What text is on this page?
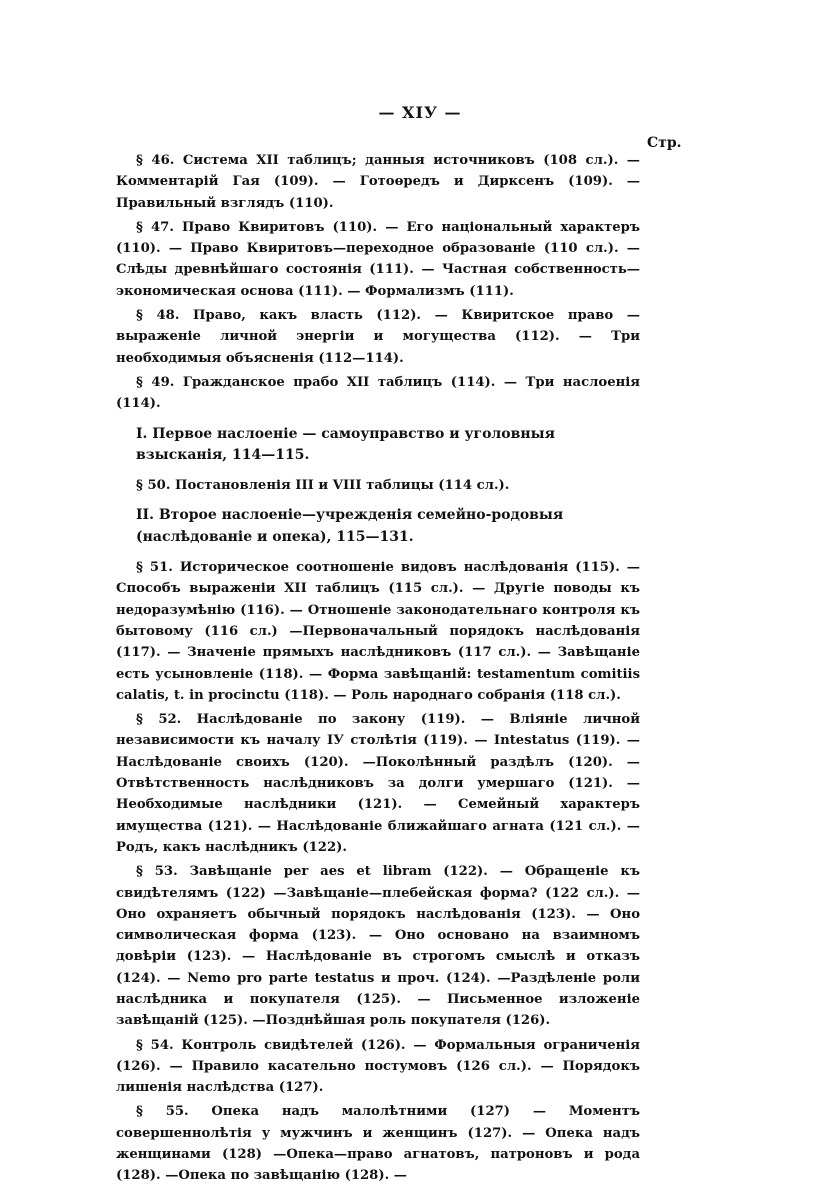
— XIУ —
Стр.

§ 46. Система XII таблицъ; данныя источниковъ (108 сл.). — Комментарій Гая (109). — Готоөредъ и Дирксенъ (109). — Правильный взглядъ (110).

§ 47. Право Квиритовъ (110). — Его національный характеръ (110). — Право Квиритовъ—переходное образованіе (110 сл.). — Слѣды древнѣйшаго состоянія (111). — Частная собственность—экономическая основа (111). — Формализмъ (111).

§ 48. Право, какъ власть (112). — Квиритское право — выраженіе личной энергіи и могущества (112). — Три необходимыя объясненія (112—114).

§ 49. Гражданское прабо XII таблицъ (114). — Три наслоенія (114).

I. Первое наслоеніе — самоуправство и уголовныя взысканія, 114—115.

§ 50. Постановленія III и VIII таблицы (114 сл.).

II. Второе наслоеніе—учрежденія семейно-родовыя (наслѣдованіе и опека), 115—131.

§ 51. Историческое соотношеніе видовъ наслѣдованія (115). — Способъ выраженіи XII таблицъ (115 сл.). — Другіе поводы къ недоразумѣнію (116). — Отношеніе законодательнаго контроля къ бытовому (116 сл.) —Первоначальный порядокъ наслѣдованія (117). — Значеніе прямыхъ наслѣдниковъ (117 сл.). — Завѣщаніе есть усыновленіе (118). — Форма завѣщаній: testamentum comitiis calatis, t. in procinctu (118). — Роль народнаго собранія (118 сл.).

§ 52. Наслѣдованіе по закону (119). — Вліяніе личной независимости къ началу IУ столѣтія (119). — Intestatus (119). — Наслѣдованіе своихъ (120). —Поколѣнный раздѣлъ (120). — Отвѣтственность наслѣдниковъ за долги умершаго (121). — Необходимые наслѣдники (121). — Семейный характеръ имущества (121). — Наслѣдованіе ближайшаго агната (121 сл.). — Родъ, какъ наслѣдникъ (122).

§ 53. Завѣщаніе per aes et libram (122). — Обращеніе къ свидѣтелямъ (122) —Завѣщаніе—плебейская форма? (122 сл.). — Оно охраняетъ обычный порядокъ наслѣдованія (123). — Оно символическая форма (123). — Оно основано на взаимномъ довѣріи (123). — Наслѣдованіе въ строгомъ смыслѣ и отказъ (124). — Nemo pro parte testatus и проч. (124). —Раздѣленіе роли наслѣдника и покупателя (125). — Письменное изложеніе завѣщаній (125). —Позднѣйшая роль покупателя (126).

§ 54. Контроль свидѣтелей (126). — Формальныя ограниченія (126). — Правило касательно постумовъ (126 сл.). — Порядокъ лишенія наслѣдства (127).

§ 55. Опека надъ малолѣтними (127) — Моментъ совершеннолѣтія у мужчинъ и женщинъ (127). — Опека надъ женщинами (128) —Опека—право агнатовъ, патроновъ и рода (128). —Опека по завѣщанію (128). —
